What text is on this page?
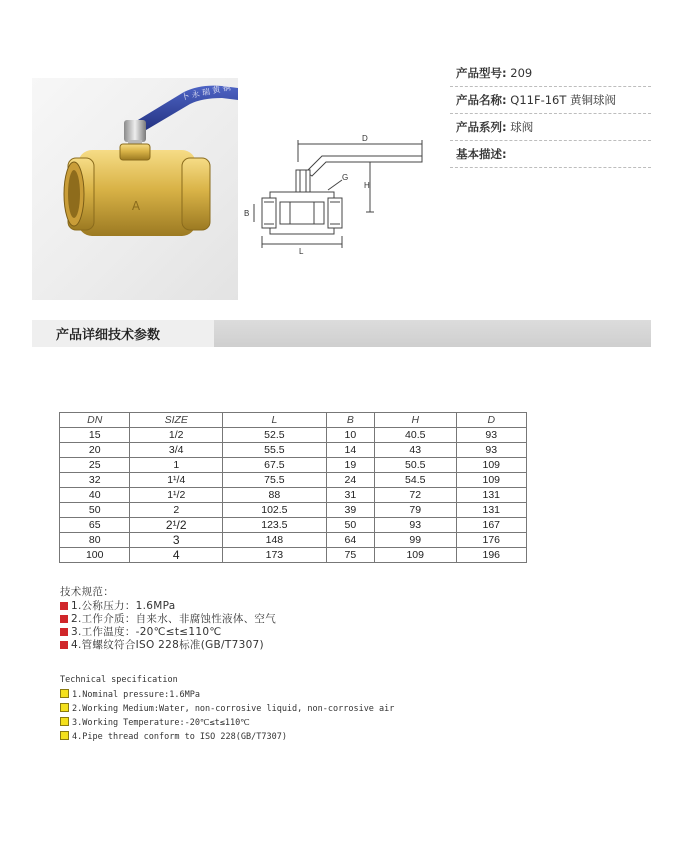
卜 永 瑞 黄 铜
A
D
H
G
B
L
产品型号: 209
产品名称: Q11F-16T 黄铜球阀
产品系列: 球阀
基本描述:
产品详细技术参数
DN	SIZE	L	B	H	D
15	1/2	52.5	10	40.5	93
20	3/4	55.5	14	43	93
25	1	67.5	19	50.5	109
32	1¹/4	75.5	24	54.5	109
40	1¹/2	88	31	72	131
50	2	102.5	39	79	131
65	2¹/2	123.5	50	93	167
80	3	148	64	99	176
100	4	173	75	109	196
技术规范：
1.公称压力：1.6MPa
2.工作介质：自来水、非腐蚀性液体、空气
3.工作温度：-20℃≤t≤110℃
4.管螺纹符合ISO 228标准(GB/T7307)
Technical specification
1.Nominal pressure:1.6MPa
2.Working Medium:Water, non-corrosive liquid, non-corrosive air
3.Working Temperature:-20℃≤t≤110℃
4.Pipe thread conform to ISO 228(GB/T7307)
